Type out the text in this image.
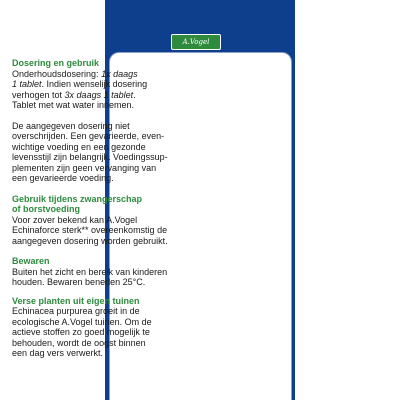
A.Vogel

Dosering en gebruik

Onderhoudsdosering: 1x daags

1 tablet. Indien wenselijk dosering

verhogen tot 3x daags 1 tablet.

Tablet met wat water innemen.

De aangegeven dosering niet

overschrijden. Een gevarieerde, even-

wichtige voeding en een gezonde

levensstijl zijn belangrijk. Voedingssup-

plementen zijn geen vervanging van

een gevarieerde voeding.

Gebruik tijdens zwangerschap

of borstvoeding

Voor zover bekend kan A.Vogel

Echinaforce sterk** overeenkomstig de

aangegeven dosering worden gebruikt.

Bewaren

Buiten het zicht en bereik van kinderen

houden. Bewaren beneden 25°C.

Verse planten uit eigen tuinen

Echinacea purpurea groeit in de

ecologische A.Vogel tuinen. Om de

actieve stoffen zo goed mogelijk te

behouden, wordt de oogst binnen

een dag vers verwerkt.
